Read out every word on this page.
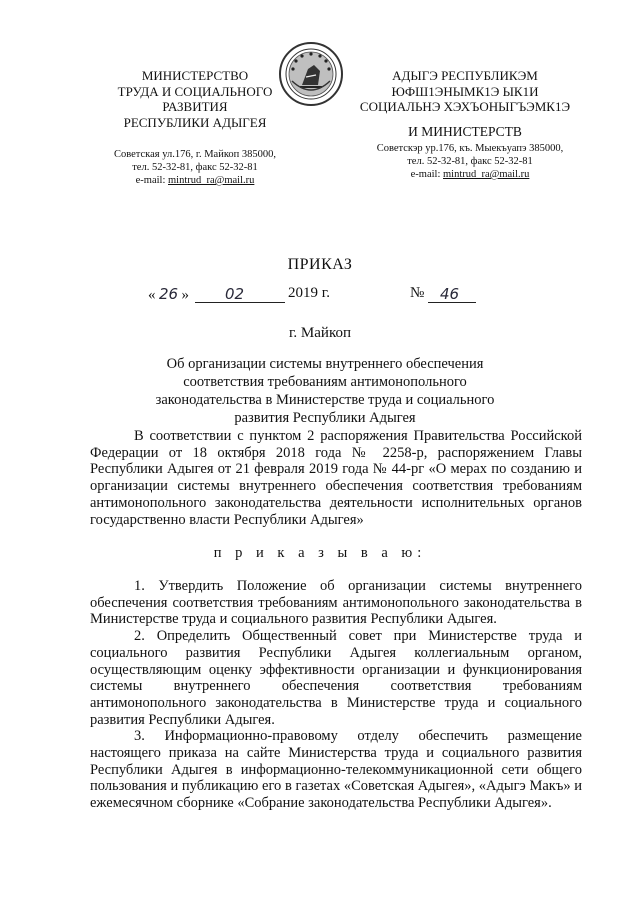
МИНИСТЕРСТВО
ТРУДА И СОЦИАЛЬНОГО
РАЗВИТИЯ
РЕСПУБЛИКИ АДЫГЕЯ
Советская ул.176, г. Майкоп 385000,
тел. 52-32-81, факс 52-32-81
e-mail: mintrud_ra@mail.ru
АДЫГЭ РЕСПУБЛИКЭМ
ЮФШ1ЭНЫМК1Э ЫК1И
СОЦИАЛЬНЭ ХЭХЪОНЫГЪЭМК1Э
И МИНИСТЕРСТВ
Советскэр ур.176, къ. Мыекъуапэ 385000,
тел. 52-32-81, факс 52-32-81
e-mail: mintrud_ra@mail.ru
ПРИКАЗ
« 26 » 02	2019 г.	№ 46
г. Майкоп
Об организации системы внутреннего обеспечения соответствия требованиям антимонопольного законодательства в Министерстве труда и социального развития Республики Адыгея

В соответствии с пунктом 2 распоряжения Правительства Российской Федерации от 18 октября 2018 года № 2258-р, распоряжением Главы Республики Адыгея от 21 февраля 2019 года № 44-рг «О мерах по созданию и организации системы внутреннего обеспечения соответствия требованиям антимонопольного законодательства деятельности исполнительных органов государственно власти Республики Адыгея»

п р и к а з ы в а ю:

1. Утвердить Положение об организации системы внутреннего обеспечения соответствия требованиям антимонопольного законодательства в Министерстве труда и социального развития Республики Адыгея.

2. Определить Общественный совет при Министерстве труда и социального развития Республики Адыгея коллегиальным органом, осуществляющим оценку эффективности организации и функционирования системы внутреннего обеспечения соответствия требованиям антимонопольного законодательства в Министерстве труда и социального развития Республики Адыгея.

3. Информационно-правовому отделу обеспечить размещение настоящего приказа на сайте Министерства труда и социального развития Республики Адыгея в информационно-телекоммуникационной сети общего пользования и публикацию его в газетах «Советская Адыгея», «Адыгэ Макъ» и ежемесячном сборнике «Собрание законодательства Республики Адыгея».
